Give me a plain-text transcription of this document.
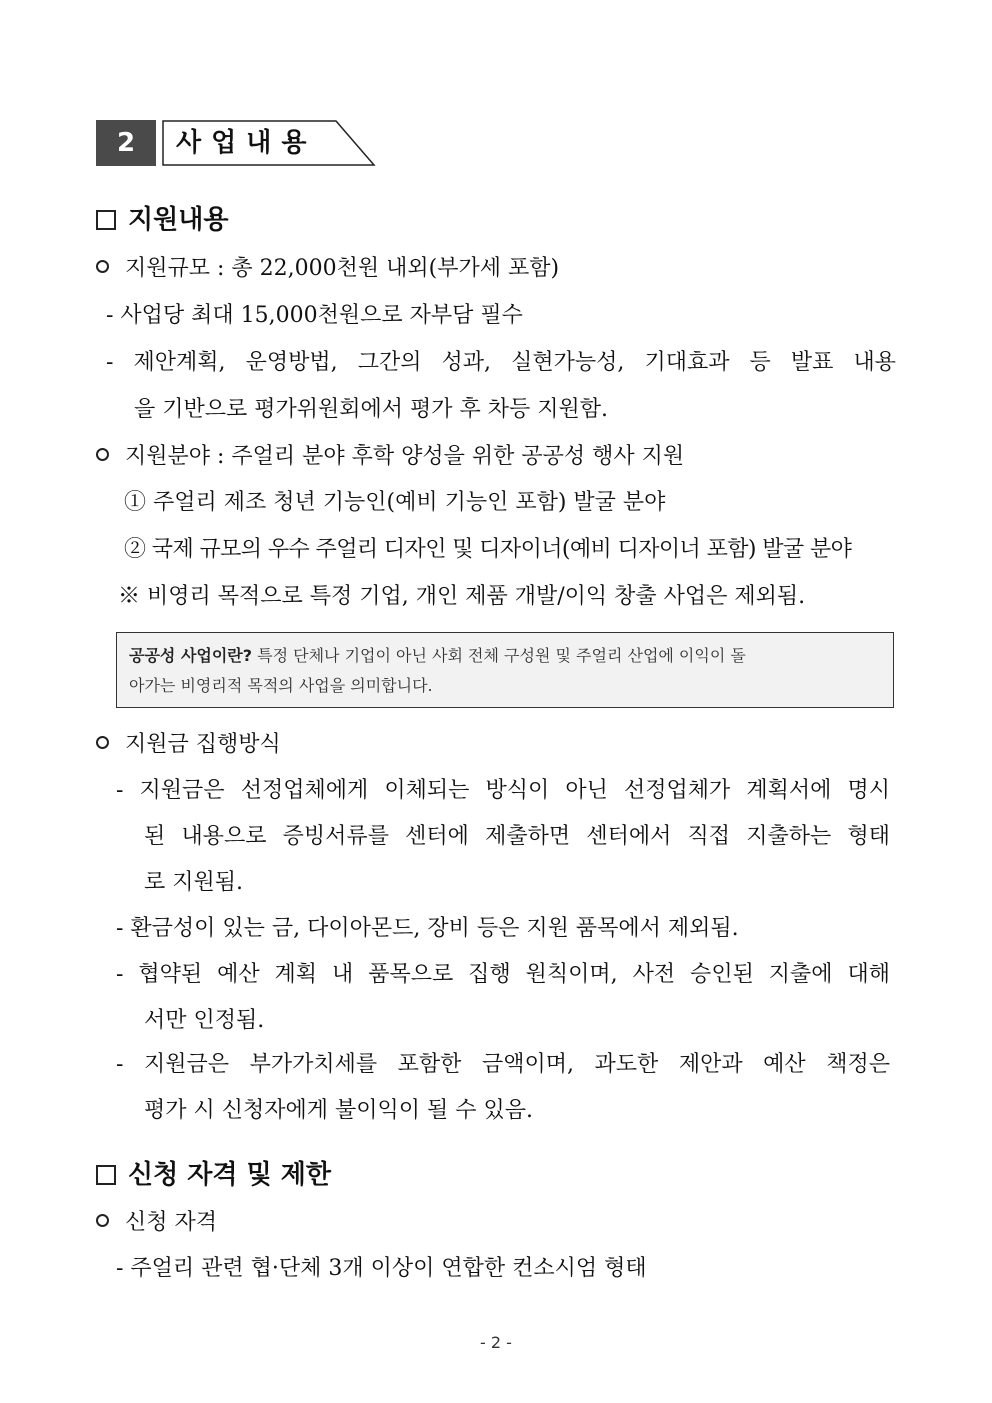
2	사업내용
지원내용
지원규모 : 총 22,000천원 내외(부가세 포함)
- 사업당 최대 15,000천원으로 자부담 필수
- 제안계획, 운영방법, 그간의 성과, 실현가능성, 기대효과 등 발표 내용
을 기반으로 평가위원회에서 평가 후 차등 지원함.
지원분야 : 주얼리 분야 후학 양성을 위한 공공성 행사 지원
① 주얼리 제조 청년 기능인(예비 기능인 포함) 발굴 분야
② 국제 규모의 우수 주얼리 디자인 및 디자이너(예비 디자이너 포함) 발굴 분야
※ 비영리 목적으로 특정 기업, 개인 제품 개발/이익 창출 사업은 제외됨.
공공성 사업이란? 특정 단체나 기업이 아닌 사회 전체 구성원 및 주얼리 산업에 이익이 돌
아가는 비영리적 목적의 사업을 의미합니다.
지원금 집행방식
- 지원금은 선정업체에게 이체되는 방식이 아닌 선정업체가 계획서에 명시
된 내용으로 증빙서류를 센터에 제출하면 센터에서 직접 지출하는 형태
로 지원됨.
- 환금성이 있는 금, 다이아몬드, 장비 등은 지원 품목에서 제외됨.
- 협약된 예산 계획 내 품목으로 집행 원칙이며, 사전 승인된 지출에 대해
서만 인정됨.
- 지원금은 부가가치세를 포함한 금액이며, 과도한 제안과 예산 책정은
평가 시 신청자에게 불이익이 될 수 있음.
신청 자격 및 제한
신청 자격
- 주얼리 관련 협·단체 3개 이상이 연합한 컨소시엄 형태
- 2 -
